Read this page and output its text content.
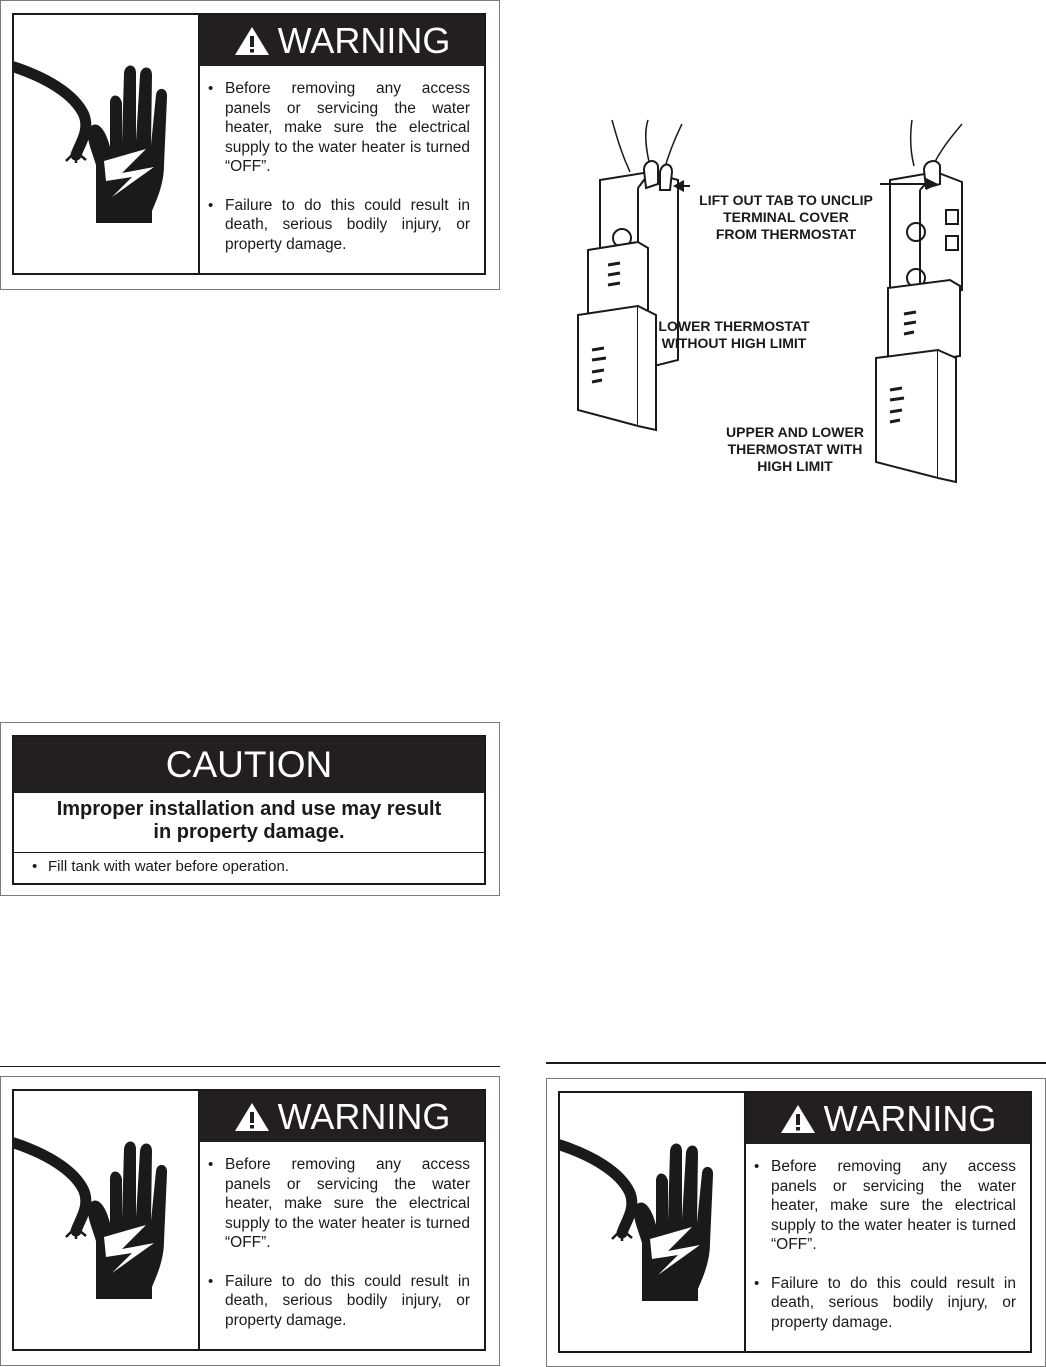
WARNING
• Before removing any access panels or servicing the water heater, make sure the electrical supply to the water heater is turned “OFF”.
• Failure to do this could result in death, serious bodily injury, or property damage.
LIFT OUT TAB TO UNCLIP
TERMINAL COVER
FROM THERMOSTAT
LOWER THERMOSTAT
WITHOUT HIGH LIMIT
UPPER AND LOWER
THERMOSTAT WITH
HIGH LIMIT
CAUTION
Improper installation and use may result
in property damage.
• Fill tank with water before operation.
WARNING
• Before removing any access panels or servicing the water heater, make sure the electrical supply to the water heater is turned “OFF”.
• Failure to do this could result in death, serious bodily injury, or property damage.
WARNING
• Before removing any access panels or servicing the water heater, make sure the electrical supply to the water heater is turned “OFF”.
• Failure to do this could result in death, serious bodily injury, or property damage.
